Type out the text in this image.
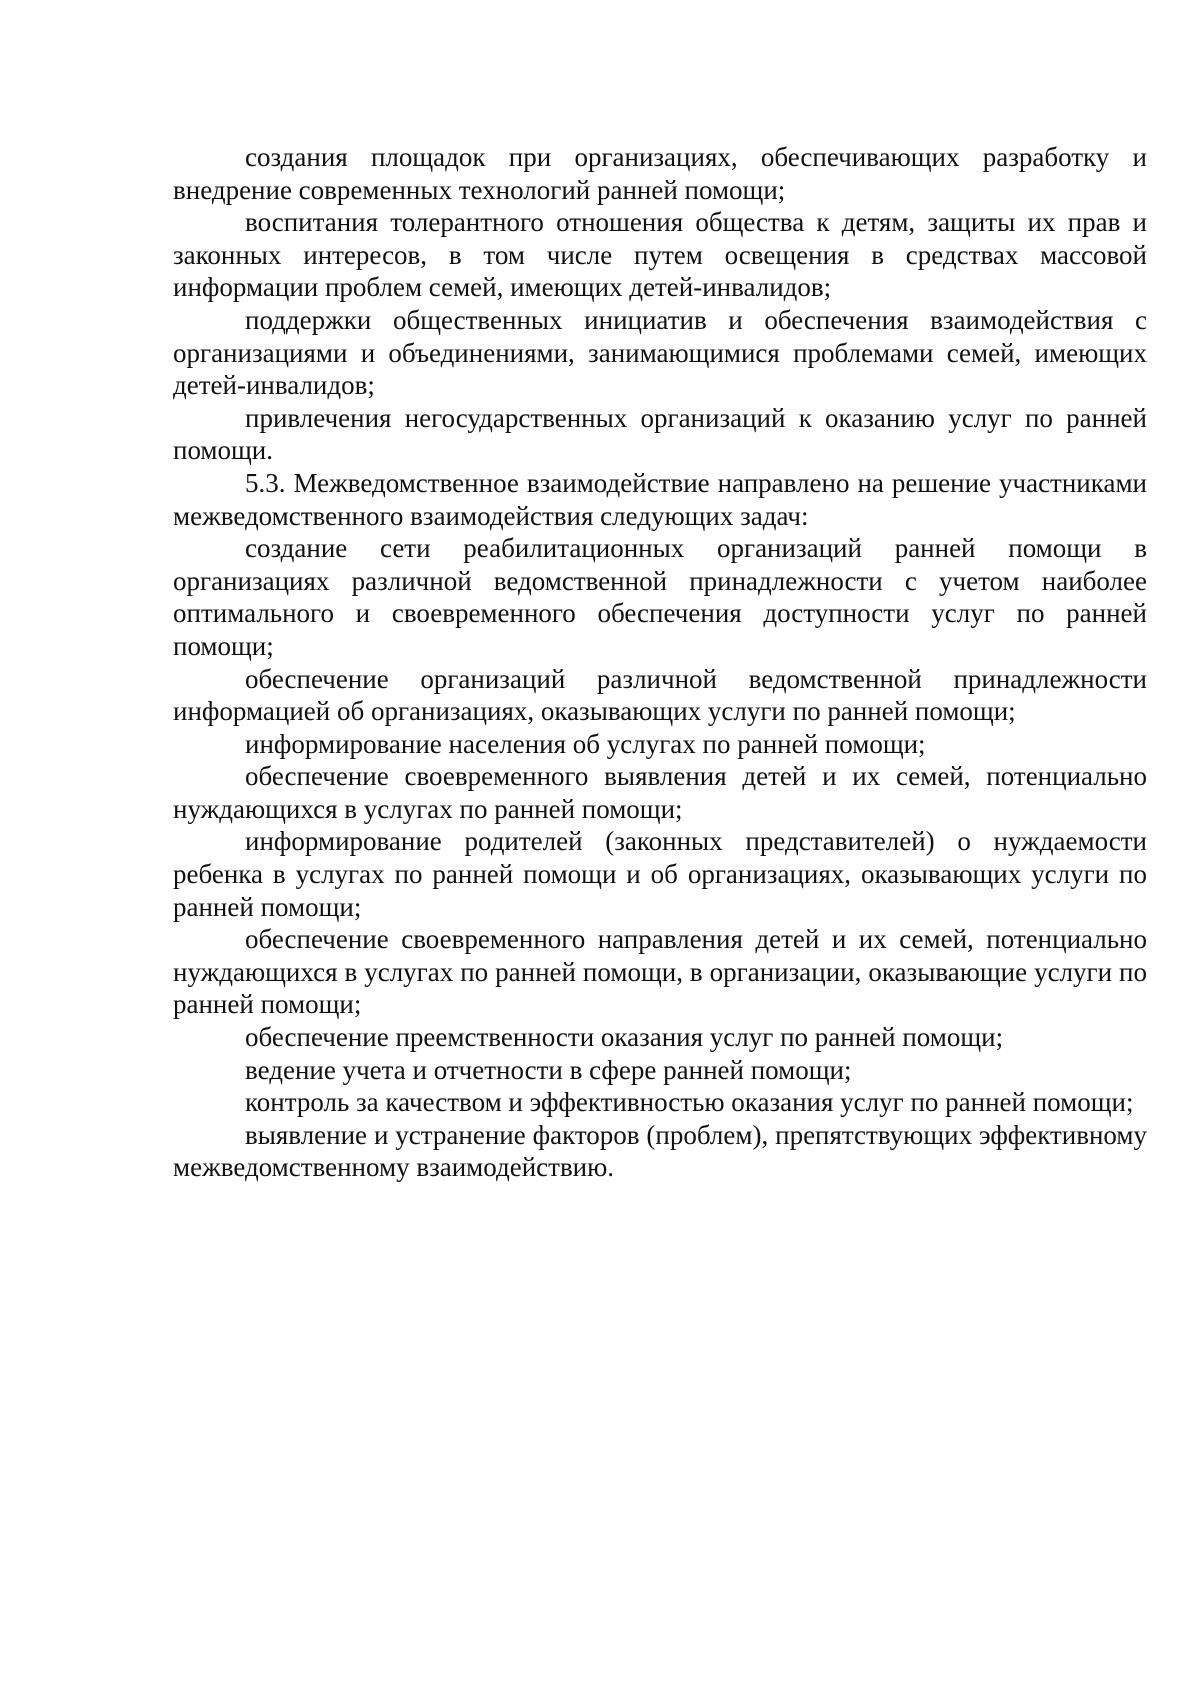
создания площадок при организациях, обеспечивающих разработку и внедрение современных технологий ранней помощи;

воспитания толерантного отношения общества к детям, защиты их прав и законных интересов, в том числе путем освещения в средствах массовой информации проблем семей, имеющих детей-инвалидов;

поддержки общественных инициатив и обеспечения взаимодействия с организациями и объединениями, занимающимися проблемами семей, имеющих детей-инвалидов;

привлечения негосударственных организаций к оказанию услуг по ранней помощи.

5.3. Межведомственное взаимодействие направлено на решение участниками межведомственного взаимодействия следующих задач:

создание сети реабилитационных организаций ранней помощи в организациях различной ведомственной принадлежности с учетом наиболее оптимального и своевременного обеспечения доступности услуг по ранней помощи;

обеспечение организаций различной ведомственной принадлежности информацией об организациях, оказывающих услуги по ранней помощи;

информирование населения об услугах по ранней помощи;

обеспечение своевременного выявления детей и их семей, потенциально нуждающихся в услугах по ранней помощи;

информирование родителей (законных представителей) о нуждаемости ребенка в услугах по ранней помощи и об организациях, оказывающих услуги по ранней помощи;

обеспечение своевременного направления детей и их семей, потенциально нуждающихся в услугах по ранней помощи, в организации, оказывающие услуги по ранней помощи;

обеспечение преемственности оказания услуг по ранней помощи;

ведение учета и отчетности в сфере ранней помощи;

контроль за качеством и эффективностью оказания услуг по ранней помощи;

выявление и устранение факторов (проблем), препятствующих эффективному межведомственному взаимодействию.
